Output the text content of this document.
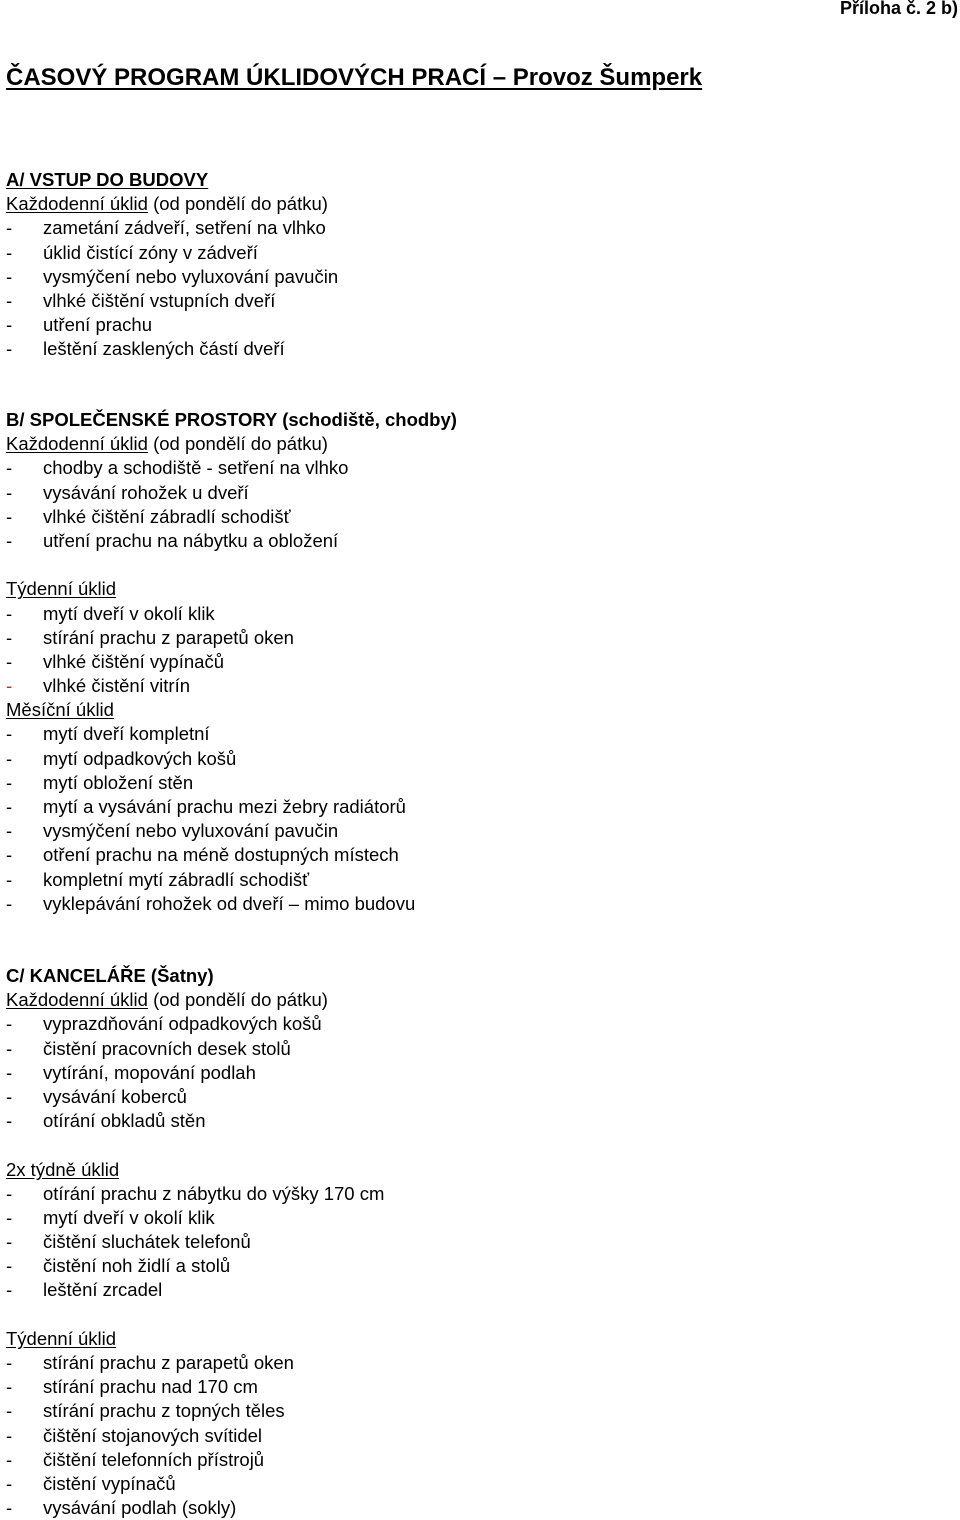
Příloha č. 2 b)
ČASOVÝ PROGRAM ÚKLIDOVÝCH PRACÍ – Provoz Šumperk
A/ VSTUP DO BUDOVY
Každodenní úklid (od pondělí do pátku)
-	zametání zádveří, setření na vlhko
-	úklid čistící zóny v zádveří
-	vysmýčení nebo vyluxování pavučin
-	vlhké čištění vstupních dveří
-	utření prachu
-	leštění zasklených částí dveří
B/ SPOLEČENSKÉ PROSTORY (schodiště, chodby)
Každodenní úklid (od pondělí do pátku)
-	chodby a schodiště - setření na vlhko
-	vysávání rohožek u dveří
-	vlhké čištění zábradlí schodišť
-	utření prachu na nábytku a obložení
Týdenní úklid
-	mytí dveří v okolí klik
-	stírání prachu z parapetů oken
-	vlhké čištění vypínačů
-	vlhké čistění vitrín
Měsíční úklid
-	mytí dveří kompletní
-	mytí odpadkových košů
-	mytí obložení stěn
-	mytí a vysávání prachu mezi žebry radiátorů
-	vysmýčení nebo vyluxování pavučin
-	otření prachu na méně dostupných místech
-	kompletní mytí zábradlí schodišť
-	vyklepávání rohožek od dveří – mimo budovu
C/ KANCELÁŘE (Šatny)
Každodenní úklid (od pondělí do pátku)
-	vyprazdňování odpadkových košů
-	čistění pracovních desek stolů
-	vytírání, mopování podlah
-	vysávání koberců
-	otírání obkladů stěn
2x týdně úklid
-	otírání prachu z nábytku do výšky 170 cm
-	mytí dveří v okolí klik
-	čištění sluchátek telefonů
-	čistění noh židlí a stolů
-	leštění zrcadel
Týdenní úklid
-	stírání prachu z parapetů oken
-	stírání prachu nad 170 cm
-	stírání prachu z topných těles
-	čištění stojanových svítidel
-	čištění telefonních přístrojů
-	čistění vypínačů
-	vysávání podlah (sokly)
